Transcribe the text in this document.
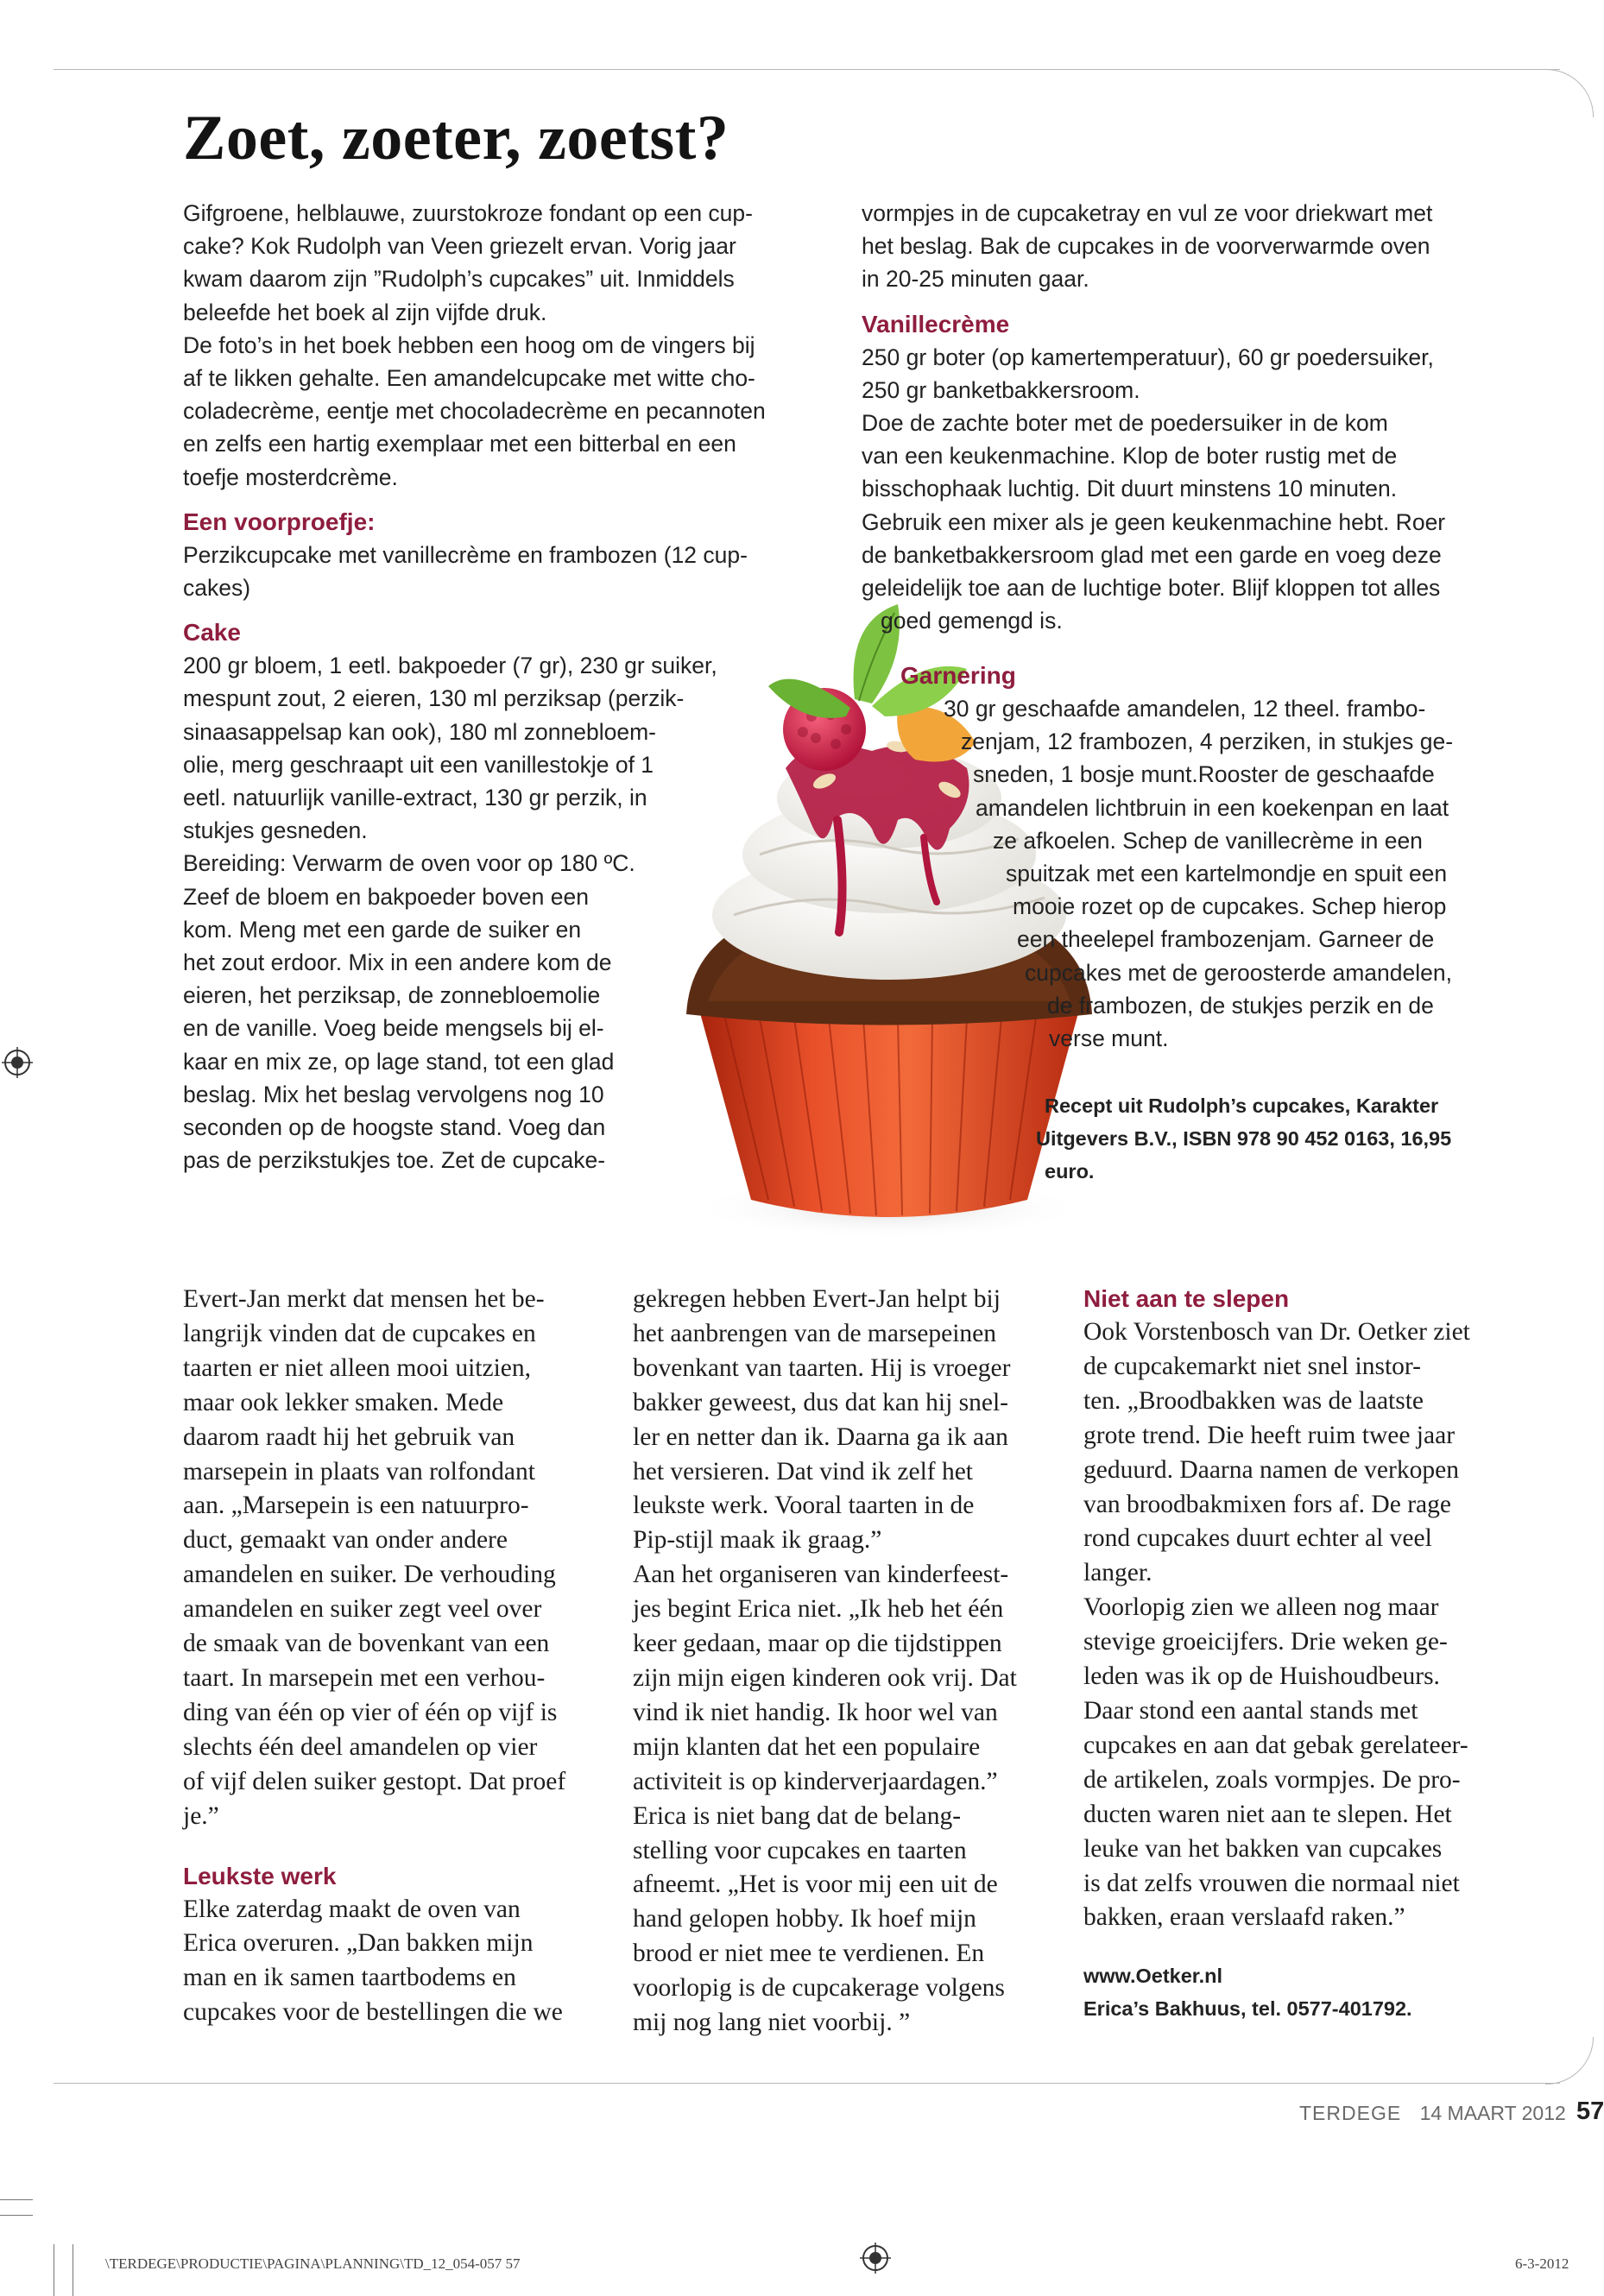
Zoet, zoeter, zoetst?
Gifgroene, helblauwe, zuurstokroze fondant op een cup-
cake? Kok Rudolph van Veen griezelt ervan. Vorig jaar
kwam daarom zijn ”Rudolph’s cupcakes” uit. Inmiddels
beleefde het boek al zijn vijfde druk.
De foto’s in het boek hebben een hoog om de vingers bij
af te likken gehalte. Een amandelcupcake met witte cho-
coladecrème, eentje met chocoladecrème en pecannoten
en zelfs een hartig exemplaar met een bitterbal en een
toefje mosterdcrème.
Een voorproefje:
Perzikcupcake met vanillecrème en frambozen (12 cup-
cakes)
Cake
200 gr bloem, 1 eetl. bakpoeder (7 gr), 230 gr suiker,
mespunt zout, 2 eieren, 130 ml perziksap (perzik-
sinaasappelsap kan ook), 180 ml zonnebloem-
olie, merg geschraapt uit een vanillestokje of 1
eetl. natuurlijk vanille-extract, 130 gr perzik, in
stukjes gesneden.
Bereiding: Verwarm de oven voor op 180 ºC.
Zeef de bloem en bakpoeder boven een
kom. Meng met een garde de suiker en
het zout erdoor. Mix in een andere kom de
eieren, het perziksap, de zonnebloemolie
en de vanille. Voeg beide mengsels bij el-
kaar en mix ze, op lage stand, tot een glad
beslag. Mix het beslag vervolgens nog 10
seconden op de hoogste stand. Voeg dan
pas de perzikstukjes toe. Zet de cupcake-
vormpjes in de cupcaketray en vul ze voor driekwart met
het beslag. Bak de cupcakes in de voorverwarmde oven
in 20-25 minuten gaar.
Vanillecrème
250 gr boter (op kamertemperatuur), 60 gr poedersuiker,
250 gr banketbakkersroom.
Doe de zachte boter met de poedersuiker in de kom
van een keukenmachine. Klop de boter rustig met de
bisschophaak luchtig. Dit duurt minstens 10 minuten.
Gebruik een mixer als je geen keukenmachine hebt. Roer
de banketbakkersroom glad met een garde en voeg deze
geleidelijk toe aan de luchtige boter. Blijf kloppen tot alles
goed gemengd is.
Garnering
30 gr geschaafde amandelen, 12 theel. frambo-
zenjam, 12 frambozen, 4 perziken, in stukjes ge-
sneden, 1 bosje munt.Rooster de geschaafde
amandelen lichtbruin in een koekenpan en laat
ze afkoelen. Schep de vanillecrème in een
spuitzak met een kartelmondje en spuit een
mooie rozet op de cupcakes. Schep hierop
een theelepel frambozenjam. Garneer de
cupcakes met de geroosterde amandelen,
de frambozen, de stukjes perzik en de
verse munt.
Recept uit Rudolph’s cupcakes, Karakter
Uitgevers B.V., ISBN 978 90 452 0163, 16,95
euro.
Evert-Jan merkt dat mensen het be-
langrijk vinden dat de cupcakes en
taarten er niet alleen mooi uitzien,
maar ook lekker smaken. Mede
daarom raadt hij het gebruik van
marsepein in plaats van rolfondant
aan. „Marsepein is een natuurpro-
duct, gemaakt van onder andere
amandelen en suiker. De verhouding
amandelen en suiker zegt veel over
de smaak van de bovenkant van een
taart. In marsepein met een verhou-
ding van één op vier of één op vijf is
slechts één deel amandelen op vier
of vijf delen suiker gestopt. Dat proef
je.”
Leukste werk
Elke zaterdag maakt de oven van
Erica overuren. „Dan bakken mijn
man en ik samen taartbodems en
cupcakes voor de bestellingen die we
gekregen hebben Evert-Jan helpt bij
het aanbrengen van de marsepeinen
bovenkant van taarten. Hij is vroeger
bakker geweest, dus dat kan hij snel-
ler en netter dan ik. Daarna ga ik aan
het versieren. Dat vind ik zelf het
leukste werk. Vooral taarten in de
Pip-stijl maak ik graag.”
Aan het organiseren van kinderfeest-
jes begint Erica niet. „Ik heb het één
keer gedaan, maar op die tijdstippen
zijn mijn eigen kinderen ook vrij. Dat
vind ik niet handig. Ik hoor wel van
mijn klanten dat het een populaire
activiteit is op kinderverjaardagen.”
Erica is niet bang dat de belang-
stelling voor cupcakes en taarten
afneemt. „Het is voor mij een uit de
hand gelopen hobby. Ik hoef mijn
brood er niet mee te verdienen. En
voorlopig is de cupcakerage volgens
mij nog lang niet voorbij. ”
Niet aan te slepen
Ook Vorstenbosch van Dr. Oetker ziet
de cupcakemarkt niet snel instor-
ten. „Broodbakken was de laatste
grote trend. Die heeft ruim twee jaar
geduurd. Daarna namen de verkopen
van broodbakmixen fors af. De rage
rond cupcakes duurt echter al veel
langer.
Voorlopig zien we alleen nog maar
stevige groeicijfers. Drie weken ge-
leden was ik op de Huishoudbeurs.
Daar stond een aantal stands met
cupcakes en aan dat gebak gerelateer-
de artikelen, zoals vormpjes. De pro-
ducten waren niet aan te slepen. Het
leuke van het bakken van cupcakes
is dat zelfs vrouwen die normaal niet
bakken, eraan verslaafd raken.”
www.Oetker.nl
Erica’s Bakhuus, tel. 0577-401792.
TERDEGE 14 MAART 2012 57
\TERDEGE\PRODUCTIE\PAGINA\PLANNING\TD_12_054-057 57	6-3-2012
